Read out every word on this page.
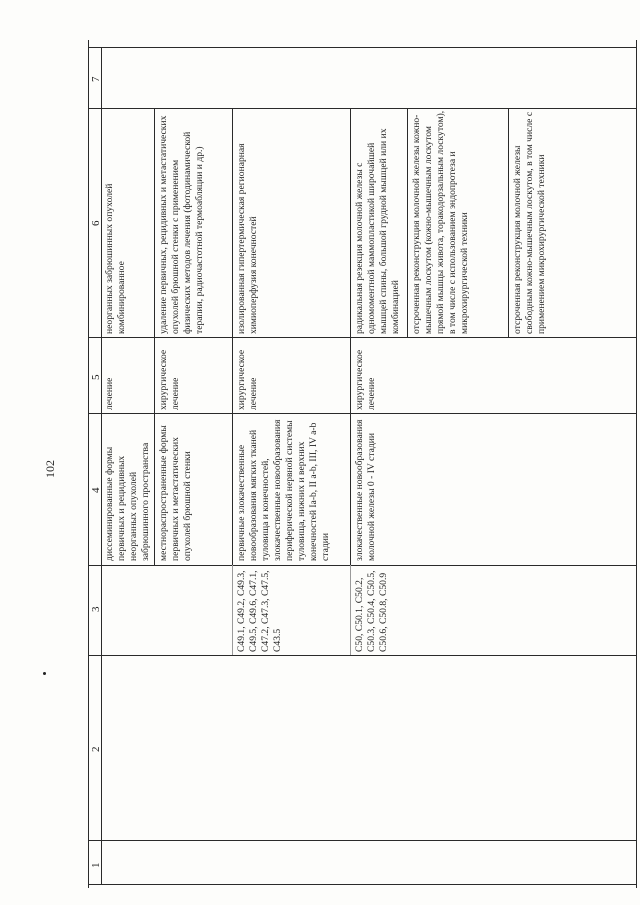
1
2
3
4
5
6
7
102	диссеминированные формы первичных и рецидивных неорганных опухолей забрюшинного пространства
лечение
неорганных забрюшинных опухолей комбинированное
местнораспространенные формы первичных и метастатических опухолей брюшной стенки
хирургическое лечение
удаление первичных, рецидивных и метастатических опухолей брюшной стенки с применением физических методов лечения (фотодинамической терапии, радиочастотной термоабляции и др.)
C49.1, C49.2, C49.3, C49.5, C49.6, C47.1, C47.2, C47.3, C47.5, C43.5
первичные злокачественные новообразования мягких тканей туловища и конечностей, злокачественные новообразования периферической нервной системы туловища, нижних и верхних конечностей Ia-b, II a-b, III, IV a-b стадии
хирургическое лечение
изолированная гипертермическая регионарная химиоперфузия конечностей
C50, C50.1, C50.2, C50.3, C50.4, C50.5, C50.6, C50.8, C50.9
злокачественные новообразования молочной железы 0 - IV стадии
хирургическое лечение
радикальная резекция молочной железы с одномоментной маммопластикой широчайшей мышцей спины, большой грудной мышцей или их комбинацией отсроченная реконструкция молочной железы кожно-мышечным лоскутом (кожно-мышечным лоскутом прямой мышцы живота, торакодорзальным лоскутом), в том числе с использованием эндопротеза и микрохирургической техники	отсроченная реконструкция молочной железы свободным кожно-мышечным лоскутом, в том числе с применением микрохирургической техники
